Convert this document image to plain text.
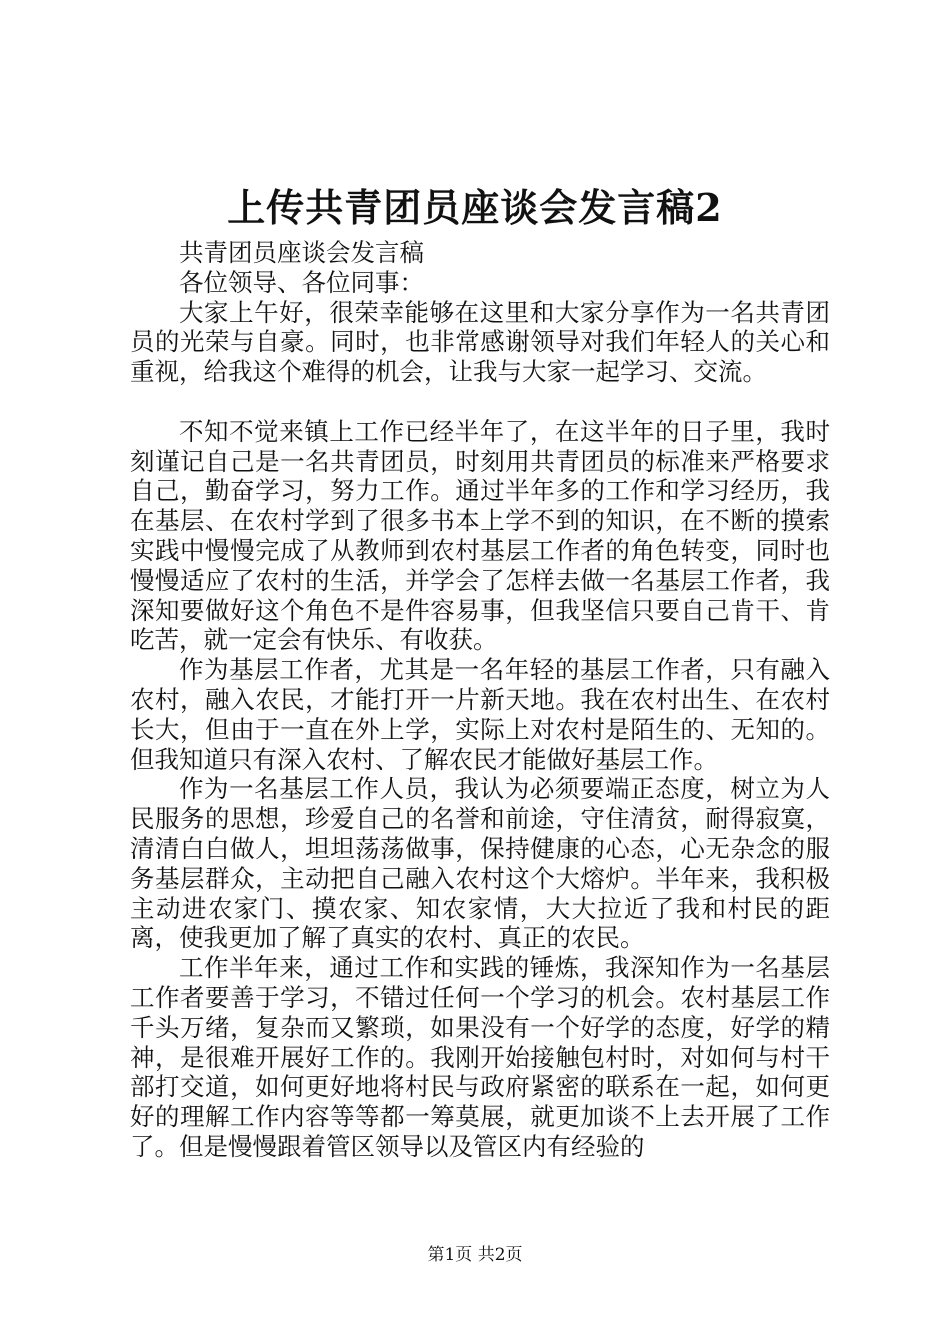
上传共青团员座谈会发言稿2

共青团员座谈会发言稿

各位领导、各位同事：

大家上午好，很荣幸能够在这里和大家分享作为一名共青团员的光荣与自豪。同时，也非常感谢领导对我们年轻人的关心和重视，给我这个难得的机会，让我与大家一起学习、交流。

不知不觉来镇上工作已经半年了，在这半年的日子里，我时刻谨记自己是一名共青团员，时刻用共青团员的标准来严格要求自己，勤奋学习，努力工作。通过半年多的工作和学习经历，我在基层、在农村学到了很多书本上学不到的知识，在不断的摸索实践中慢慢完成了从教师到农村基层工作者的角色转变，同时也慢慢适应了农村的生活，并学会了怎样去做一名基层工作者，我深知要做好这个角色不是件容易事，但我坚信只要自己肯干、肯吃苦，就一定会有快乐、有收获。

作为基层工作者，尤其是一名年轻的基层工作者，只有融入农村，融入农民，才能打开一片新天地。我在农村出生、在农村长大，但由于一直在外上学，实际上对农村是陌生的、无知的。但我知道只有深入农村、了解农民才能做好基层工作。

作为一名基层工作人员，我认为必须要端正态度，树立为人民服务的思想，珍爱自己的名誉和前途，守住清贫，耐得寂寞，清清白白做人，坦坦荡荡做事，保持健康的心态，心无杂念的服务基层群众，主动把自己融入农村这个大熔炉。半年来，我积极主动进农家门、摸农家、知农家情，大大拉近了我和村民的距离，使我更加了解了真实的农村、真正的农民。

工作半年来，通过工作和实践的锤炼，我深知作为一名基层工作者要善于学习，不错过任何一个学习的机会。农村基层工作千头万绪，复杂而又繁琐，如果没有一个好学的态度，好学的精神，是很难开展好工作的。我刚开始接触包村时，对如何与村干部打交道，如何更好地将村民与政府紧密的联系在一起，如何更好的理解工作内容等等都一筹莫展，就更加谈不上去开展了工作了。但是慢慢跟着管区领导以及管区内有经验的

第1页 共2页
